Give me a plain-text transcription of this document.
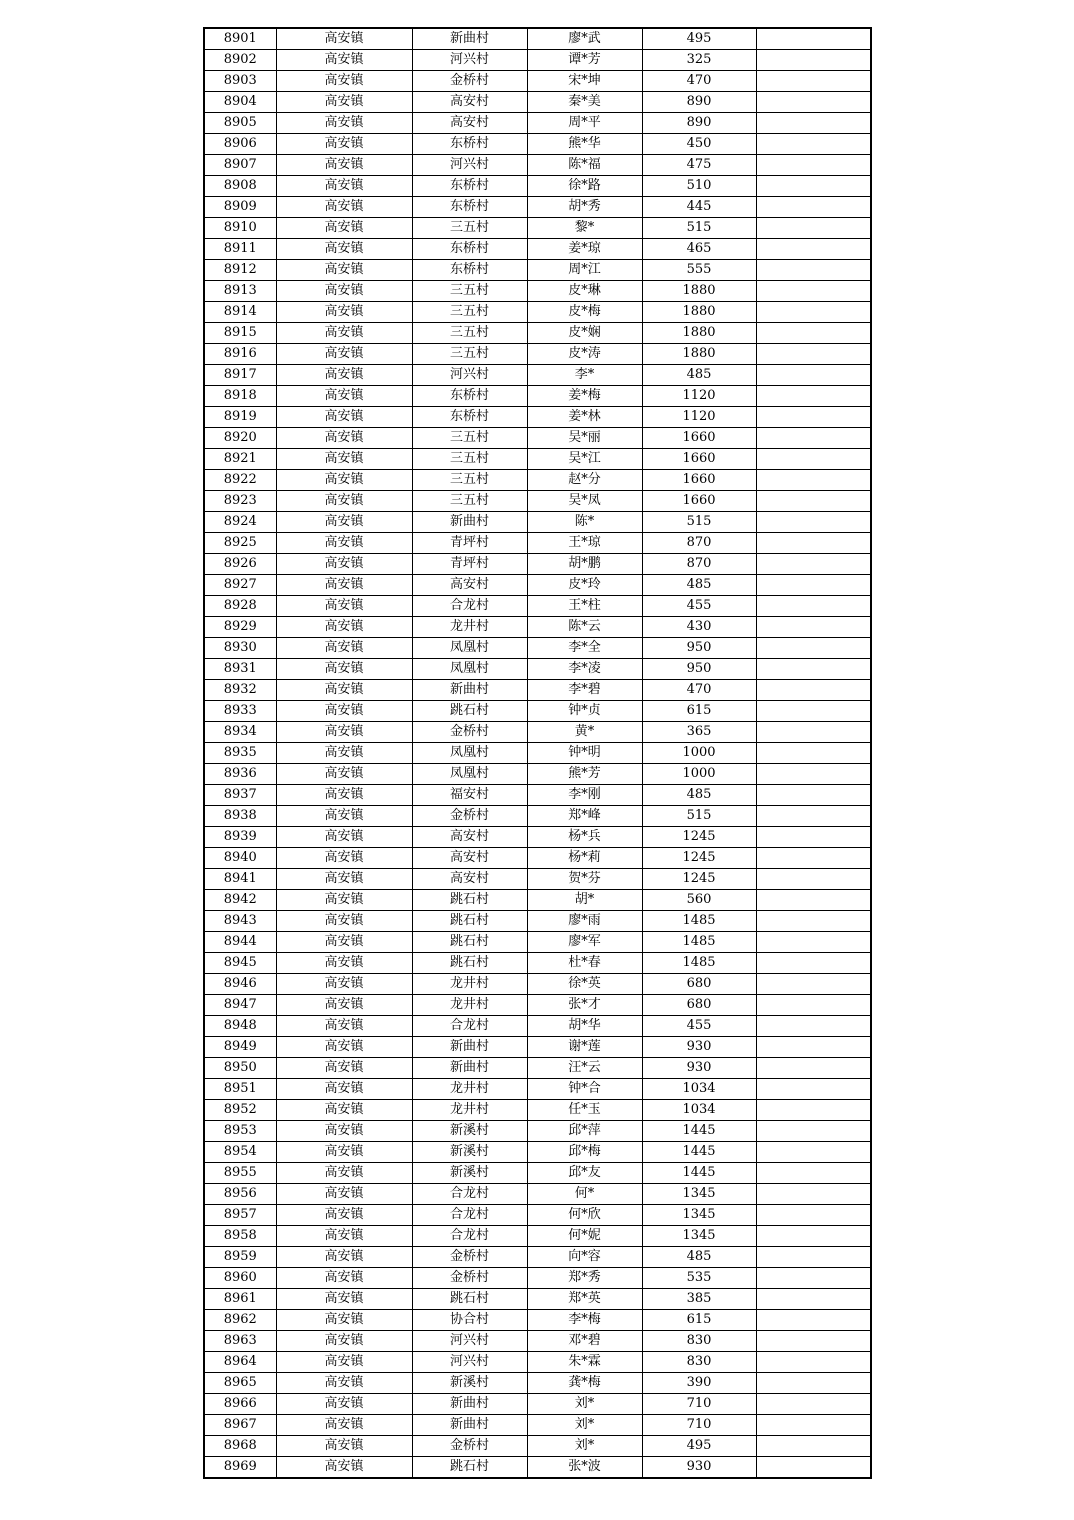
8901	高安镇	新曲村	廖*武	495	
8902	高安镇	河兴村	谭*芳	325	
8903	高安镇	金桥村	宋*坤	470	
8904	高安镇	高安村	秦*美	890	
8905	高安镇	高安村	周*平	890	
8906	高安镇	东桥村	熊*华	450	
8907	高安镇	河兴村	陈*福	475	
8908	高安镇	东桥村	徐*路	510	
8909	高安镇	东桥村	胡*秀	445	
8910	高安镇	三五村	黎*	515	
8911	高安镇	东桥村	姜*琼	465	
8912	高安镇	东桥村	周*江	555	
8913	高安镇	三五村	皮*琳	1880	
8914	高安镇	三五村	皮*梅	1880	
8915	高安镇	三五村	皮*娴	1880	
8916	高安镇	三五村	皮*涛	1880	
8917	高安镇	河兴村	李*	485	
8918	高安镇	东桥村	姜*梅	1120	
8919	高安镇	东桥村	姜*林	1120	
8920	高安镇	三五村	吴*丽	1660	
8921	高安镇	三五村	吴*江	1660	
8922	高安镇	三五村	赵*分	1660	
8923	高安镇	三五村	吴*凤	1660	
8924	高安镇	新曲村	陈*	515	
8925	高安镇	青坪村	王*琼	870	
8926	高安镇	青坪村	胡*鹏	870	
8927	高安镇	高安村	皮*玲	485	
8928	高安镇	合龙村	王*柱	455	
8929	高安镇	龙井村	陈*云	430	
8930	高安镇	凤凰村	李*全	950	
8931	高安镇	凤凰村	李*凌	950	
8932	高安镇	新曲村	李*碧	470	
8933	高安镇	跳石村	钟*贞	615	
8934	高安镇	金桥村	黄*	365	
8935	高安镇	凤凰村	钟*明	1000	
8936	高安镇	凤凰村	熊*芳	1000	
8937	高安镇	福安村	李*刚	485	
8938	高安镇	金桥村	郑*峰	515	
8939	高安镇	高安村	杨*兵	1245	
8940	高安镇	高安村	杨*莉	1245	
8941	高安镇	高安村	贺*芬	1245	
8942	高安镇	跳石村	胡*	560	
8943	高安镇	跳石村	廖*雨	1485	
8944	高安镇	跳石村	廖*军	1485	
8945	高安镇	跳石村	杜*春	1485	
8946	高安镇	龙井村	徐*英	680	
8947	高安镇	龙井村	张*才	680	
8948	高安镇	合龙村	胡*华	455	
8949	高安镇	新曲村	谢*莲	930	
8950	高安镇	新曲村	汪*云	930	
8951	高安镇	龙井村	钟*合	1034	
8952	高安镇	龙井村	任*玉	1034	
8953	高安镇	新溪村	邱*萍	1445	
8954	高安镇	新溪村	邱*梅	1445	
8955	高安镇	新溪村	邱*友	1445	
8956	高安镇	合龙村	何*	1345	
8957	高安镇	合龙村	何*欣	1345	
8958	高安镇	合龙村	何*妮	1345	
8959	高安镇	金桥村	向*容	485	
8960	高安镇	金桥村	郑*秀	535	
8961	高安镇	跳石村	郑*英	385	
8962	高安镇	协合村	李*梅	615	
8963	高安镇	河兴村	邓*碧	830	
8964	高安镇	河兴村	朱*霖	830	
8965	高安镇	新溪村	龚*梅	390	
8966	高安镇	新曲村	刘*	710	
8967	高安镇	新曲村	刘*	710	
8968	高安镇	金桥村	刘*	495	
8969	高安镇	跳石村	张*波	930	
